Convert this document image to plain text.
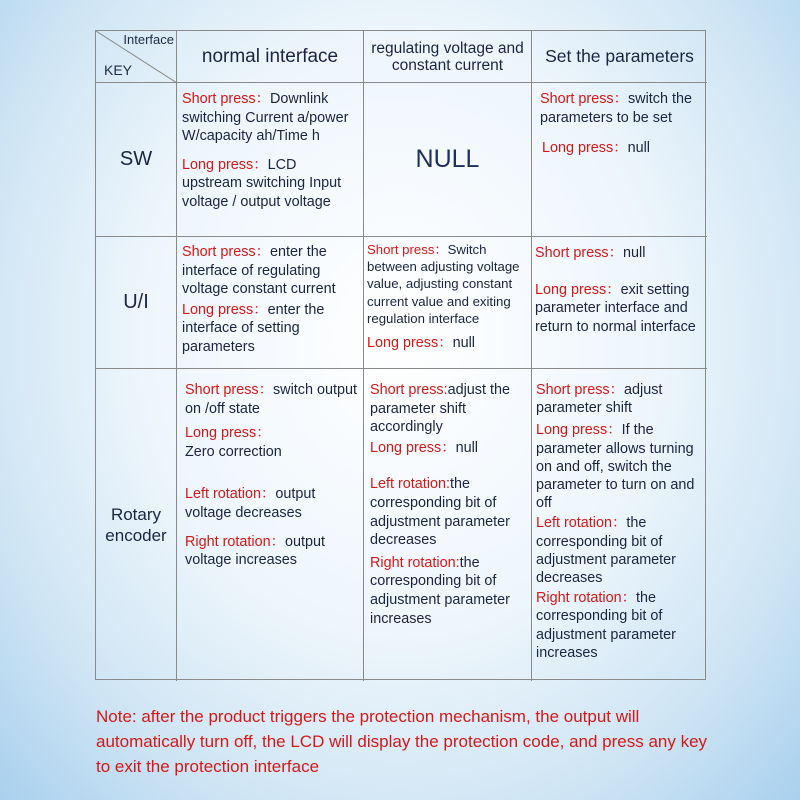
Interface
KEY
normal interface	regulating voltage and constant current	Set the parameters
SW
Short press：Downlink switching Current a/power W/capacity ah/Time h
Long press：LCD upstream switching Input voltage / output voltage
NULL
Short press：switch the parameters to be set
Long press：null
U/I
Short press：enter the interface of regulating voltage constant current
Long press：enter the interface of setting parameters
Short press：Switch between adjusting voltage value, adjusting constant current value and exiting regulation interface
Long press：null
Short press：null
Long press：exit setting parameter interface and return to normal interface
Rotary
encoder
Short press：switch output on /off state
Long press：
Zero correction
Left rotation：output voltage decreases
Right rotation：output voltage increases
Short press:adjust the parameter shift accordingly
Long press：null
Left rotation:the corresponding bit of adjustment parameter decreases
Right rotation:the corresponding bit of adjustment parameter increases
Short press：adjust parameter shift
Long press：If the parameter allows turning on and off, switch the parameter to turn on and off
Left rotation：the corresponding bit of adjustment parameter decreases
Right rotation：the corresponding bit of adjustment parameter increases
Note: after the product triggers the protection mechanism, the output will automatically turn off, the LCD will display the protection code, and press any key to exit the protection interface
